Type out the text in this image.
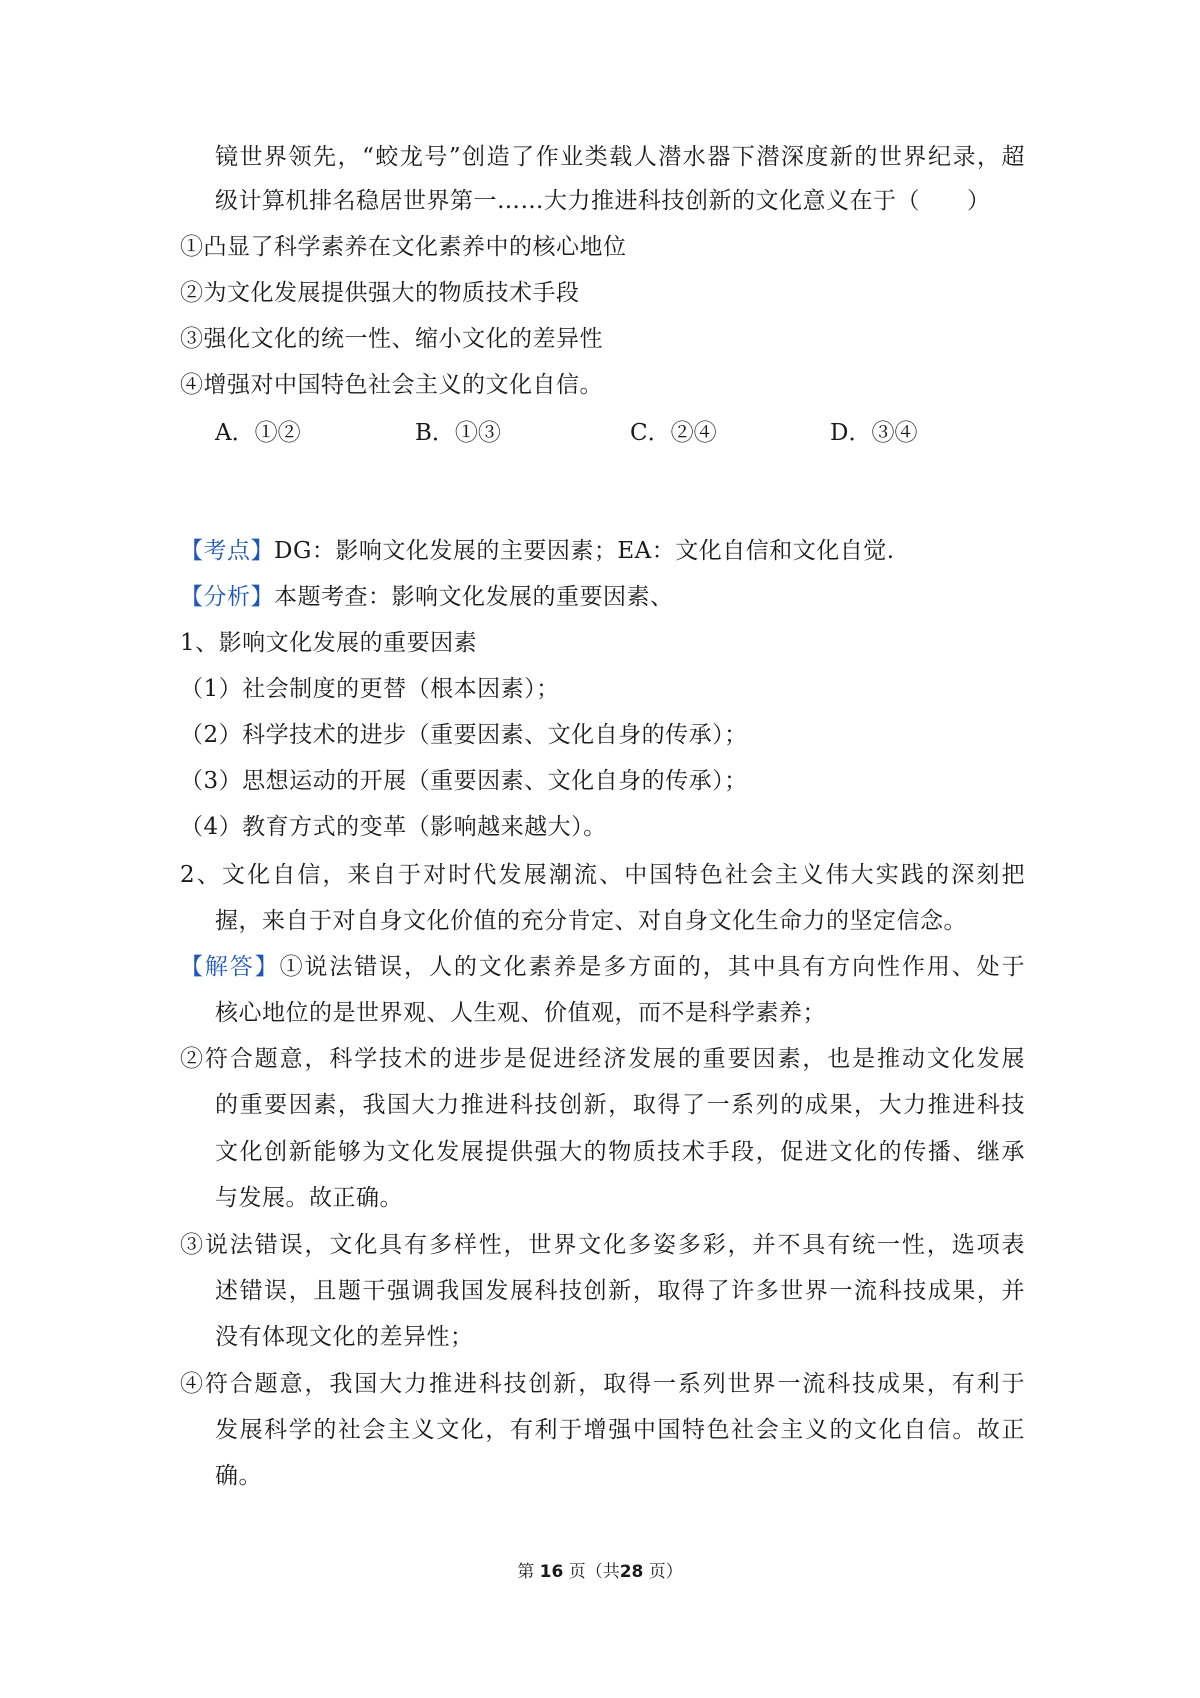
镜世界领先，“蛟龙号”创造了作业类载人潜水器下潜深度新的世界纪录，超
级计算机排名稳居世界第一……大力推进科技创新的文化意义在于（　　）
①凸显了科学素养在文化素养中的核心地位
②为文化发展提供强大的物质技术手段
③强化文化的统一性、缩小文化的差异性
④增强对中国特色社会主义的文化自信。
A．①②	B．①③	C．②④	D．③④
【考点】DG：影响文化发展的主要因素；EA：文化自信和文化自觉.
【分析】本题考查：影响文化发展的重要因素、
1、影响文化发展的重要因素
（1）社会制度的更替（根本因素）；
（2）科学技术的进步（重要因素、文化自身的传承）；
（3）思想运动的开展（重要因素、文化自身的传承）；
（4）教育方式的变革（影响越来越大）。
2、文化自信，来自于对时代发展潮流、中国特色社会主义伟大实践的深刻把
握，来自于对自身文化价值的充分肯定、对自身文化生命力的坚定信念。
【解答】①说法错误，人的文化素养是多方面的，其中具有方向性作用、处于
核心地位的是世界观、人生观、价值观，而不是科学素养；
②符合题意，科学技术的进步是促进经济发展的重要因素，也是推动文化发展
的重要因素，我国大力推进科技创新，取得了一系列的成果，大力推进科技
文化创新能够为文化发展提供强大的物质技术手段，促进文化的传播、继承
与发展。故正确。
③说法错误，文化具有多样性，世界文化多姿多彩，并不具有统一性，选项表
述错误，且题干强调我国发展科技创新，取得了许多世界一流科技成果，并
没有体现文化的差异性；
④符合题意，我国大力推进科技创新，取得一系列世界一流科技成果，有利于
发展科学的社会主义文化，有利于增强中国特色社会主义的文化自信。故正
确。
第 16 页（共28 页）
